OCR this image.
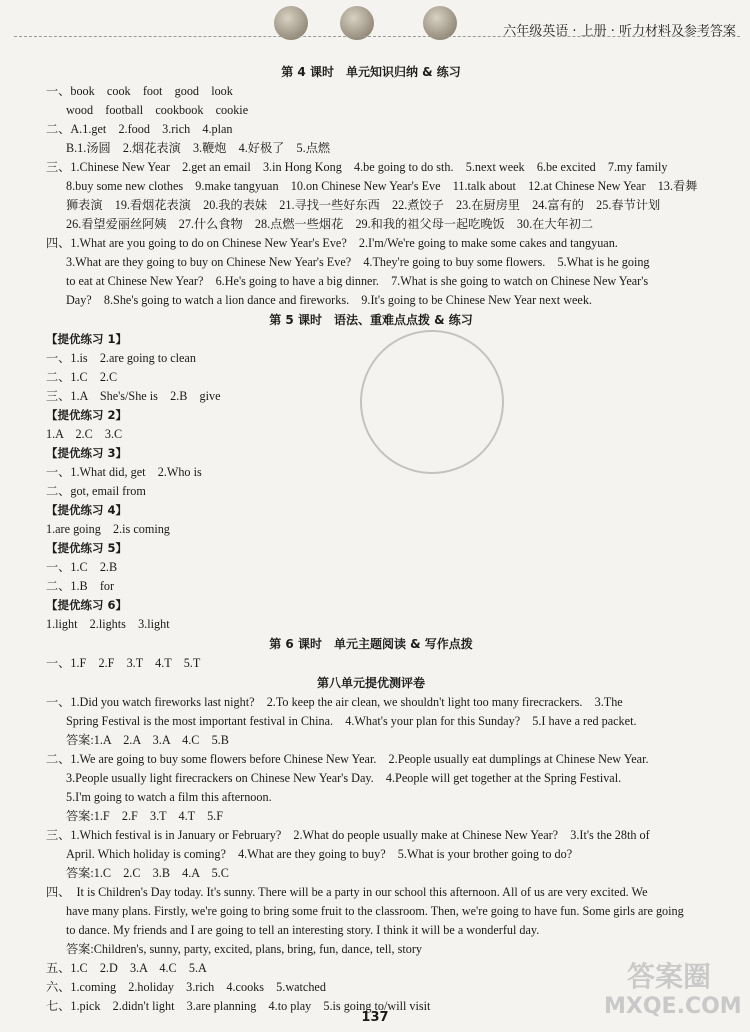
六年级英语 · 上册 · 听力材料及参考答案
第 4 课时　单元知识归纳 & 练习
一、book　cook　foot　good　look
wood　football　cookbook　cookie
二、A.1.get　2.food　3.rich　4.plan
B.1.汤圆　2.烟花表演　3.鞭炮　4.好极了　5.点燃
三、1.Chinese New Year　2.get an email　3.in Hong Kong　4.be going to do sth.　5.next week　6.be excited　7.my family
8.buy some new clothes　9.make tangyuan　10.on Chinese New Year's Eve　11.talk about　12.at Chinese New Year　13.看舞
狮表演　19.看烟花表演　20.我的表妹　21.寻找一些好东西　22.煮饺子　23.在厨房里　24.富有的　25.春节计划
26.看望爱丽丝阿姨　27.什么食物　28.点燃一些烟花　29.和我的祖父母一起吃晚饭　30.在大年初二
四、1.What are you going to do on Chinese New Year's Eve?　2.I'm/We're going to make some cakes and tangyuan.
3.What are they going to buy on Chinese New Year's Eve?　4.They're going to buy some flowers.　5.What is he going
to eat at Chinese New Year?　6.He's going to have a big dinner.　7.What is she going to watch on Chinese New Year's
Day?　8.She's going to watch a lion dance and fireworks.　9.It's going to be Chinese New Year next week.
第 5 课时　语法、重难点点拨 & 练习
【提优练习 1】
一、1.is　2.are going to clean
二、1.C　2.C
三、1.A　She's/She is　2.B　give
【提优练习 2】
1.A　2.C　3.C
【提优练习 3】
一、1.What did, get　2.Who is
二、got, email from
【提优练习 4】
1.are going　2.is coming
【提优练习 5】
一、1.C　2.B
二、1.B　for
【提优练习 6】
1.light　2.lights　3.light
第 6 课时　单元主题阅读 & 写作点拨
一、1.F　2.F　3.T　4.T　5.T
第八单元提优测评卷
一、1.Did you watch fireworks last night?　2.To keep the air clean, we shouldn't light too many firecrackers.　3.The
Spring Festival is the most important festival in China.　4.What's your plan for this Sunday?　5.I have a red packet.
答案:1.A　2.A　3.A　4.C　5.B
二、1.We are going to buy some flowers before Chinese New Year.　2.People usually eat dumplings at Chinese New Year.
3.People usually light firecrackers on Chinese New Year's Day.　4.People will get together at the Spring Festival.
5.I'm going to watch a film this afternoon.
答案:1.F　2.F　3.T　4.T　5.F
三、1.Which festival is in January or February?　2.What do people usually make at Chinese New Year?　3.It's the 28th of
April. Which holiday is coming?　4.What are they going to buy?　5.What is your brother going to do?
答案:1.C　2.C　3.B　4.A　5.C
四、　It is Children's Day today. It's sunny. There will be a party in our school this afternoon. All of us are very excited. We
have many plans. Firstly, we're going to bring some fruit to the classroom. Then, we're going to have fun. Some girls are going
to dance. My friends and I are going to tell an interesting story. I think it will be a wonderful day.
答案:Children's, sunny, party, excited, plans, bring, fun, dance, tell, story
五、1.C　2.D　3.A　4.C　5.A
六、1.coming　2.holiday　3.rich　4.cooks　5.watched
七、1.pick　2.didn't light　3.are planning　4.to play　5.is going to/will visit
137
答案圈
MXQE.COM
